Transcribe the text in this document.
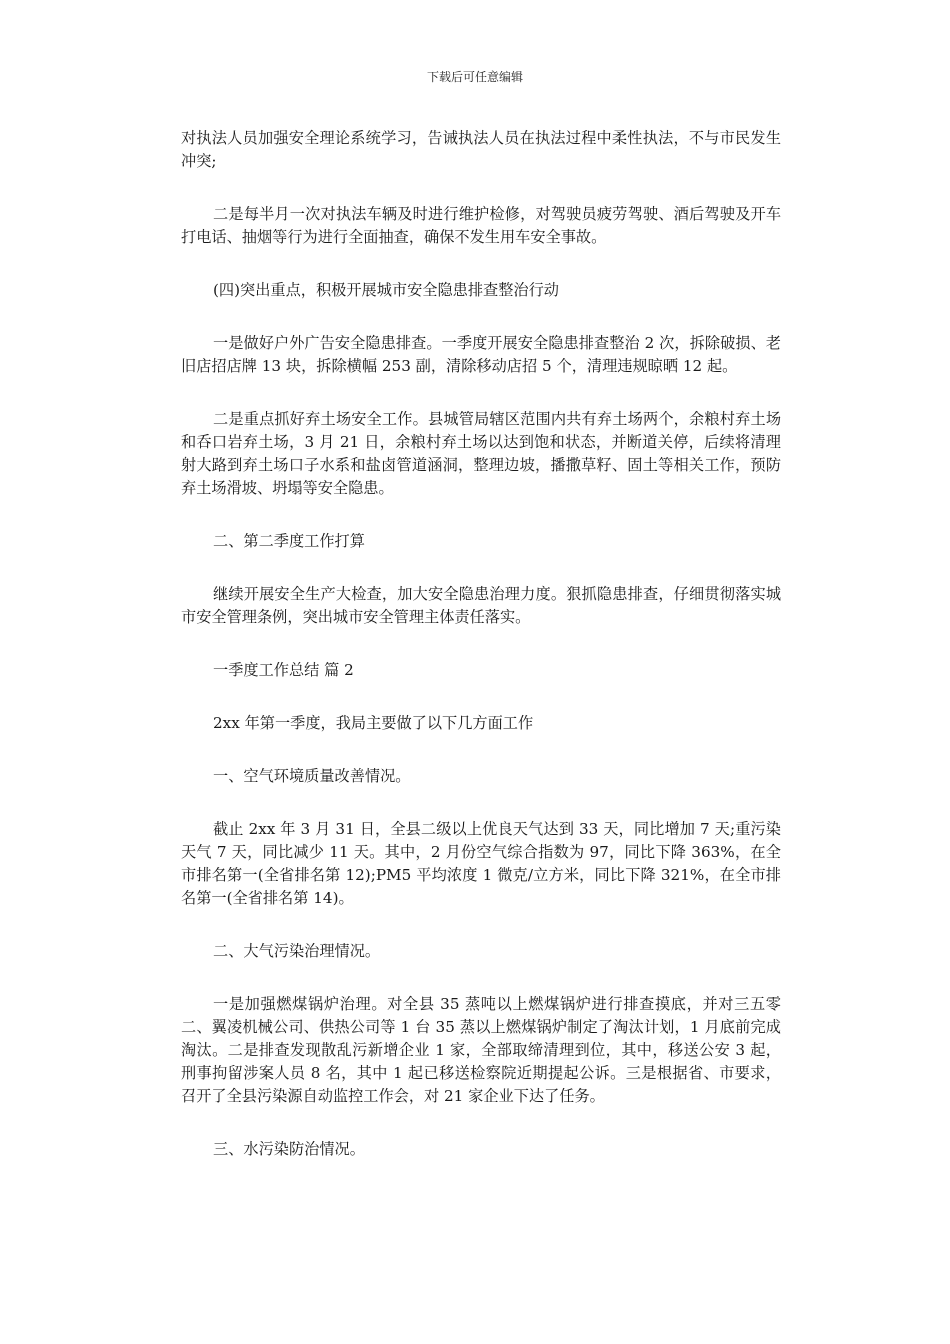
下载后可任意编辑

对执法人员加强安全理论系统学习，告诫执法人员在执法过程中柔性执法，不与市民发生冲突;

二是每半月一次对执法车辆及时进行维护检修，对驾驶员疲劳驾驶、酒后驾驶及开车打电话、抽烟等行为进行全面抽查，确保不发生用车安全事故。

(四)突出重点，积极开展城市安全隐患排查整治行动

一是做好户外广告安全隐患排查。一季度开展安全隐患排查整治 2 次，拆除破损、老旧店招店牌 13 块，拆除横幅 253 副，清除移动店招 5 个，清理违规晾晒 12 起。

二是重点抓好弃土场安全工作。县城管局辖区范围内共有弃土场两个，余粮村弃土场和呑口岩弃土场，3 月 21 日，余粮村弃土场以达到饱和状态，并断道关停，后续将清理射大路到弃土场口子水系和盐卤管道涵洞，整理边坡，播撒草籽、固土等相关工作，预防弃土场滑坡、坍塌等安全隐患。

二、第二季度工作打算

继续开展安全生产大检查，加大安全隐患治理力度。狠抓隐患排查，仔细贯彻落实城市安全管理条例，突出城市安全管理主体责任落实。

一季度工作总结 篇 2

2xx 年第一季度，我局主要做了以下几方面工作

一、空气环境质量改善情况。

截止 2xx 年 3 月 31 日，全县二级以上优良天气达到 33 天，同比增加 7 天;重污染天气 7 天，同比减少 11 天。其中，2 月份空气综合指数为 97，同比下降 363%，在全市排名第一(全省排名第 12);PM5 平均浓度 1 微克/立方米，同比下降 321%，在全市排名第一(全省排名第 14)。

二、大气污染治理情况。

一是加强燃煤锅炉治理。对全县 35 蒸吨以上燃煤锅炉进行排查摸底，并对三五零二、翼凌机械公司、供热公司等 1 台 35 蒸以上燃煤锅炉制定了淘汰计划，1 月底前完成淘汰。二是排查发现散乱污新增企业 1 家，全部取缔清理到位，其中，移送公安 3 起，刑事拘留涉案人员 8 名，其中 1 起已移送检察院近期提起公诉。三是根据省、市要求，召开了全县污染源自动监控工作会，对 21 家企业下达了任务。

三、水污染防治情况。
